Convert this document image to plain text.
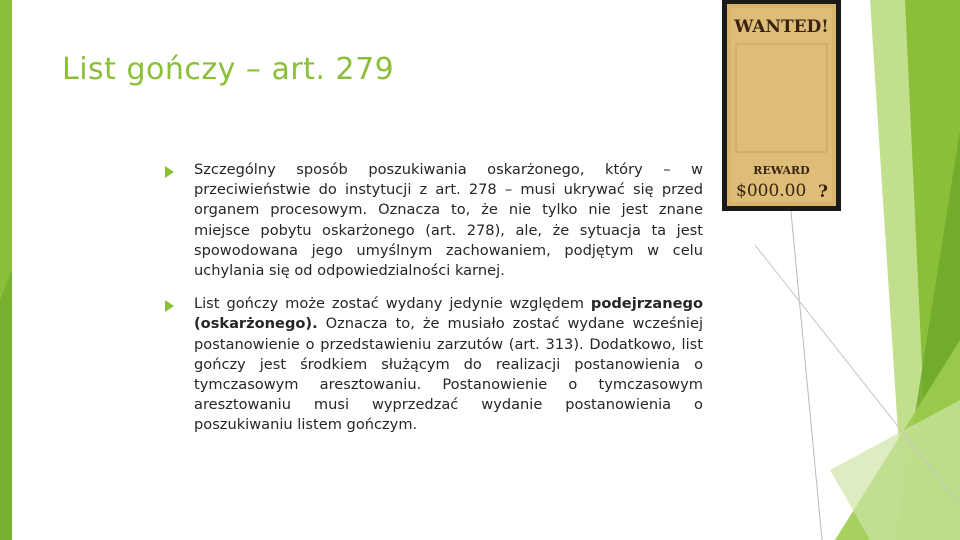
List gończy – art. 279
Szczególny sposób poszukiwania oskarżonego, który – w przeciwieństwie do instytucji z art. 278 – musi ukrywać się przed organem procesowym. Oznacza to, że nie tylko nie jest znane miejsce pobytu oskarżonego (art. 278), ale, że sytuacja ta jest spowodowana jego umyślnym zachowaniem, podjętym w celu uchylania się od odpowiedzialności karnej.
List gończy może zostać wydany jedynie względem podejrzanego (oskarżonego). Oznacza to, że musiało zostać wydane wcześniej postanowienie o przedstawieniu zarzutów (art. 313). Dodatkowo, list gończy jest środkiem służącym do realizacji postanowienia o tymczasowym aresztowaniu. Postanowienie o tymczasowym aresztowaniu musi wyprzedzać wydanie postanowienia o poszukiwaniu listem gończym.
WANTED!
REWARD
$000.00 ?
